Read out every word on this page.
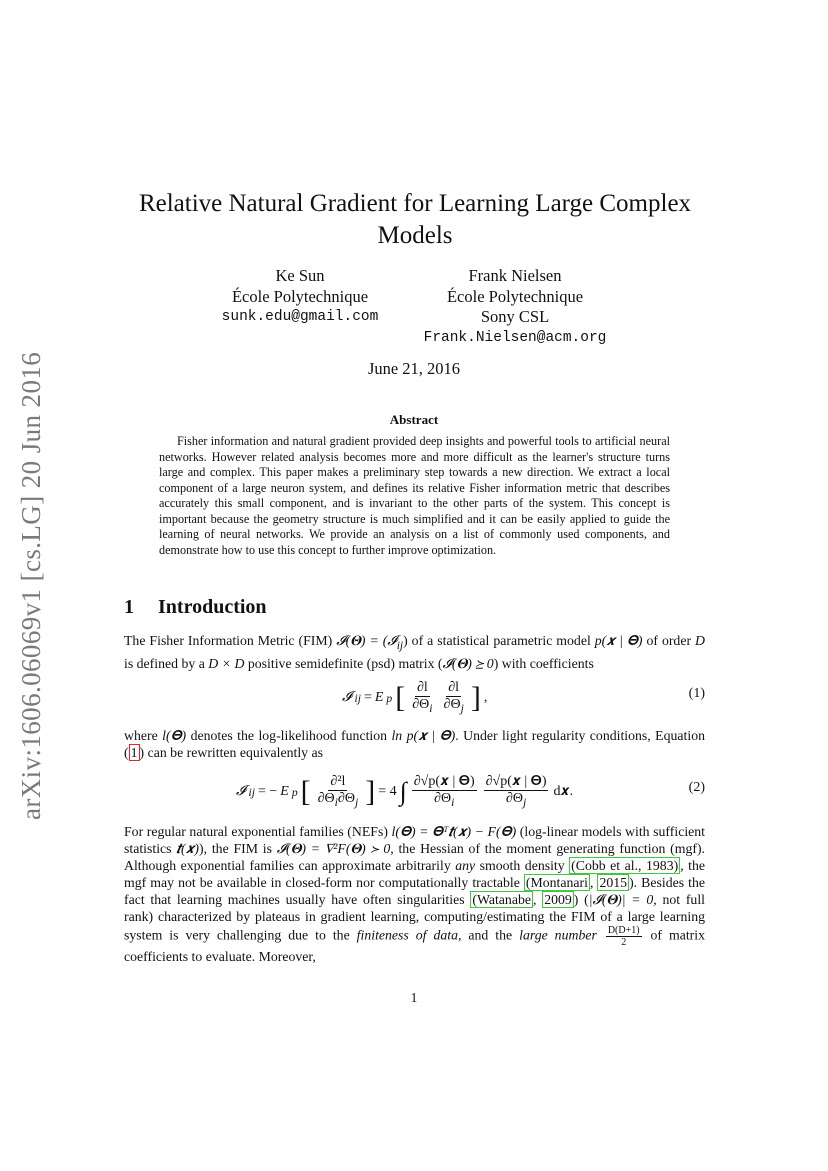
arXiv:1606.06069v1 [cs.LG] 20 Jun 2016
Relative Natural Gradient for Learning Large Complex Models
Ke Sun
École Polytechnique
sunk.edu@gmail.com
Frank Nielsen
École Polytechnique
Sony CSL
Frank.Nielsen@acm.org
June 21, 2016
Abstract
Fisher information and natural gradient provided deep insights and powerful tools to artificial neural networks. However related analysis becomes more and more difficult as the learner's structure turns large and complex. This paper makes a preliminary step towards a new direction. We extract a local component of a large neuron system, and defines its relative Fisher information metric that describes accurately this small component, and is invariant to the other parts of the system. This concept is important because the geometry structure is much simplified and it can be easily applied to guide the learning of neural networks. We provide an analysis on a list of commonly used components, and demonstrate how to use this concept to further improve optimization.
1 Introduction
The Fisher Information Metric (FIM) 𝓘(𝚯) = (𝓘$_{ij}$) of a statistical parametric model p(𝒙 | 𝚯) of order D is defined by a D × D positive semidefinite (psd) matrix (𝓘(𝚯) ⪰ 0) with coefficients
𝓘 ij = E p [ $\frac{\partial l}{\partial\Theta_i} \frac{\partial l}{\partial\Theta_j}$ ] ,	(1)
where l(𝚯) denotes the log-likelihood function ln p(𝒙 | 𝚯). Under light regularity conditions, Equation ( 1 ) can be rewritten equivalently as
𝓘 ij = − E p [ $\frac{\text{∂²l}}{\partial\Theta_i\partial\Theta_j}$ ] = 4 ∫ $\frac{\text{∂√p(𝒙 | 𝚯)}}{\partial\Theta_i} \frac{\text{∂√p(𝒙 | 𝚯)}}{\partial\Theta_j}$ d𝒙.	(2)
For regular natural exponential families (NEFs) l(𝚯) = 𝚯ᵀ𝒕(𝒙) − F(𝚯) (log-linear models with sufficient statistics 𝒕(𝒙)), the FIM is 𝓘(𝚯) = ∇²F(𝚯) ≻ 0, the Hessian of the moment generating function (mgf). Although exponential families can approximate arbitrarily any smooth density (Cobb et al., 1983) , the mgf may not be available in closed-form nor computationally tractable (Montanari , 2015 ). Besides the fact that learning machines usually have often singularities (Watanabe , 2009 ) (|𝓘(𝚯)| = 0, not full rank) characterized by plateaus in gradient learning, computing/estimating the FIM of a large learning system is very challenging due to the finiteness of data, and the large number $\frac{D(D+1)}{2}$ of matrix coefficients to evaluate. Moreover,
1
